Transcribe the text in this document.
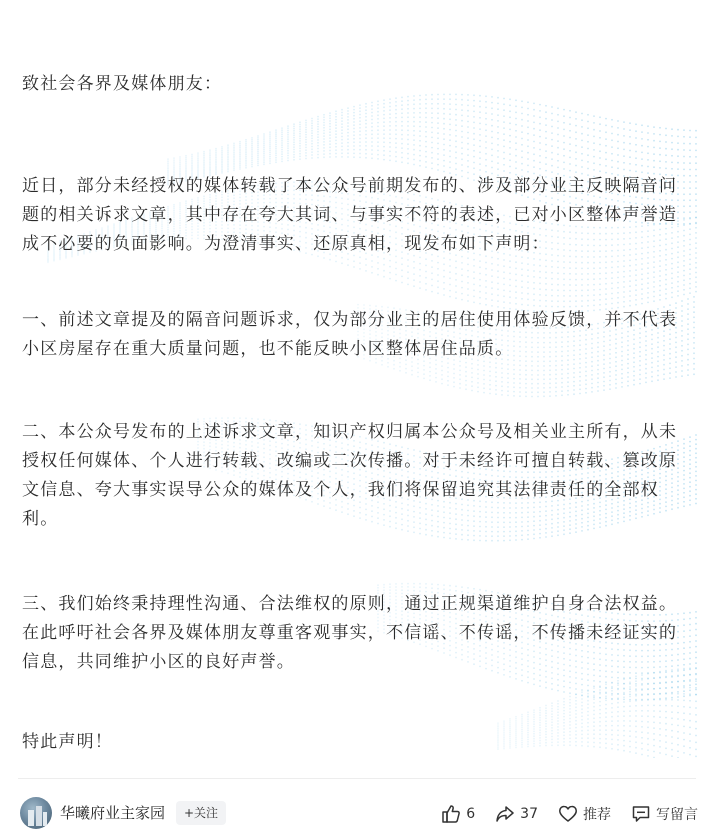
致社会各界及媒体朋友：

近日，部分未经授权的媒体转载了本公众号前期发布的、涉及部分业主反映隔音问题的相关诉求文章，其中存在夸大其词、与事实不符的表述，已对小区整体声誉造成不必要的负面影响。为澄清事实、还原真相，现发布如下声明：

一、前述文章提及的隔音问题诉求，仅为部分业主的居住使用体验反馈，并不代表小区房屋存在重大质量问题，也不能反映小区整体居住品质。

二、本公众号发布的上述诉求文章，知识产权归属本公众号及相关业主所有，从未授权任何媒体、个人进行转载、改编或二次传播。对于未经许可擅自转载、篡改原文信息、夸大事实误导公众的媒体及个人，我们将保留追究其法律责任的全部权利。

三、我们始终秉持理性沟通、合法维权的原则，通过正规渠道维护自身合法权益。在此呼吁社会各界及媒体朋友尊重客观事实，不信谣、不传谣，不传播未经证实的信息，共同维护小区的良好声誉。

特此声明！

华曦府业主家园	+关注	6	37	推荐	写留言
